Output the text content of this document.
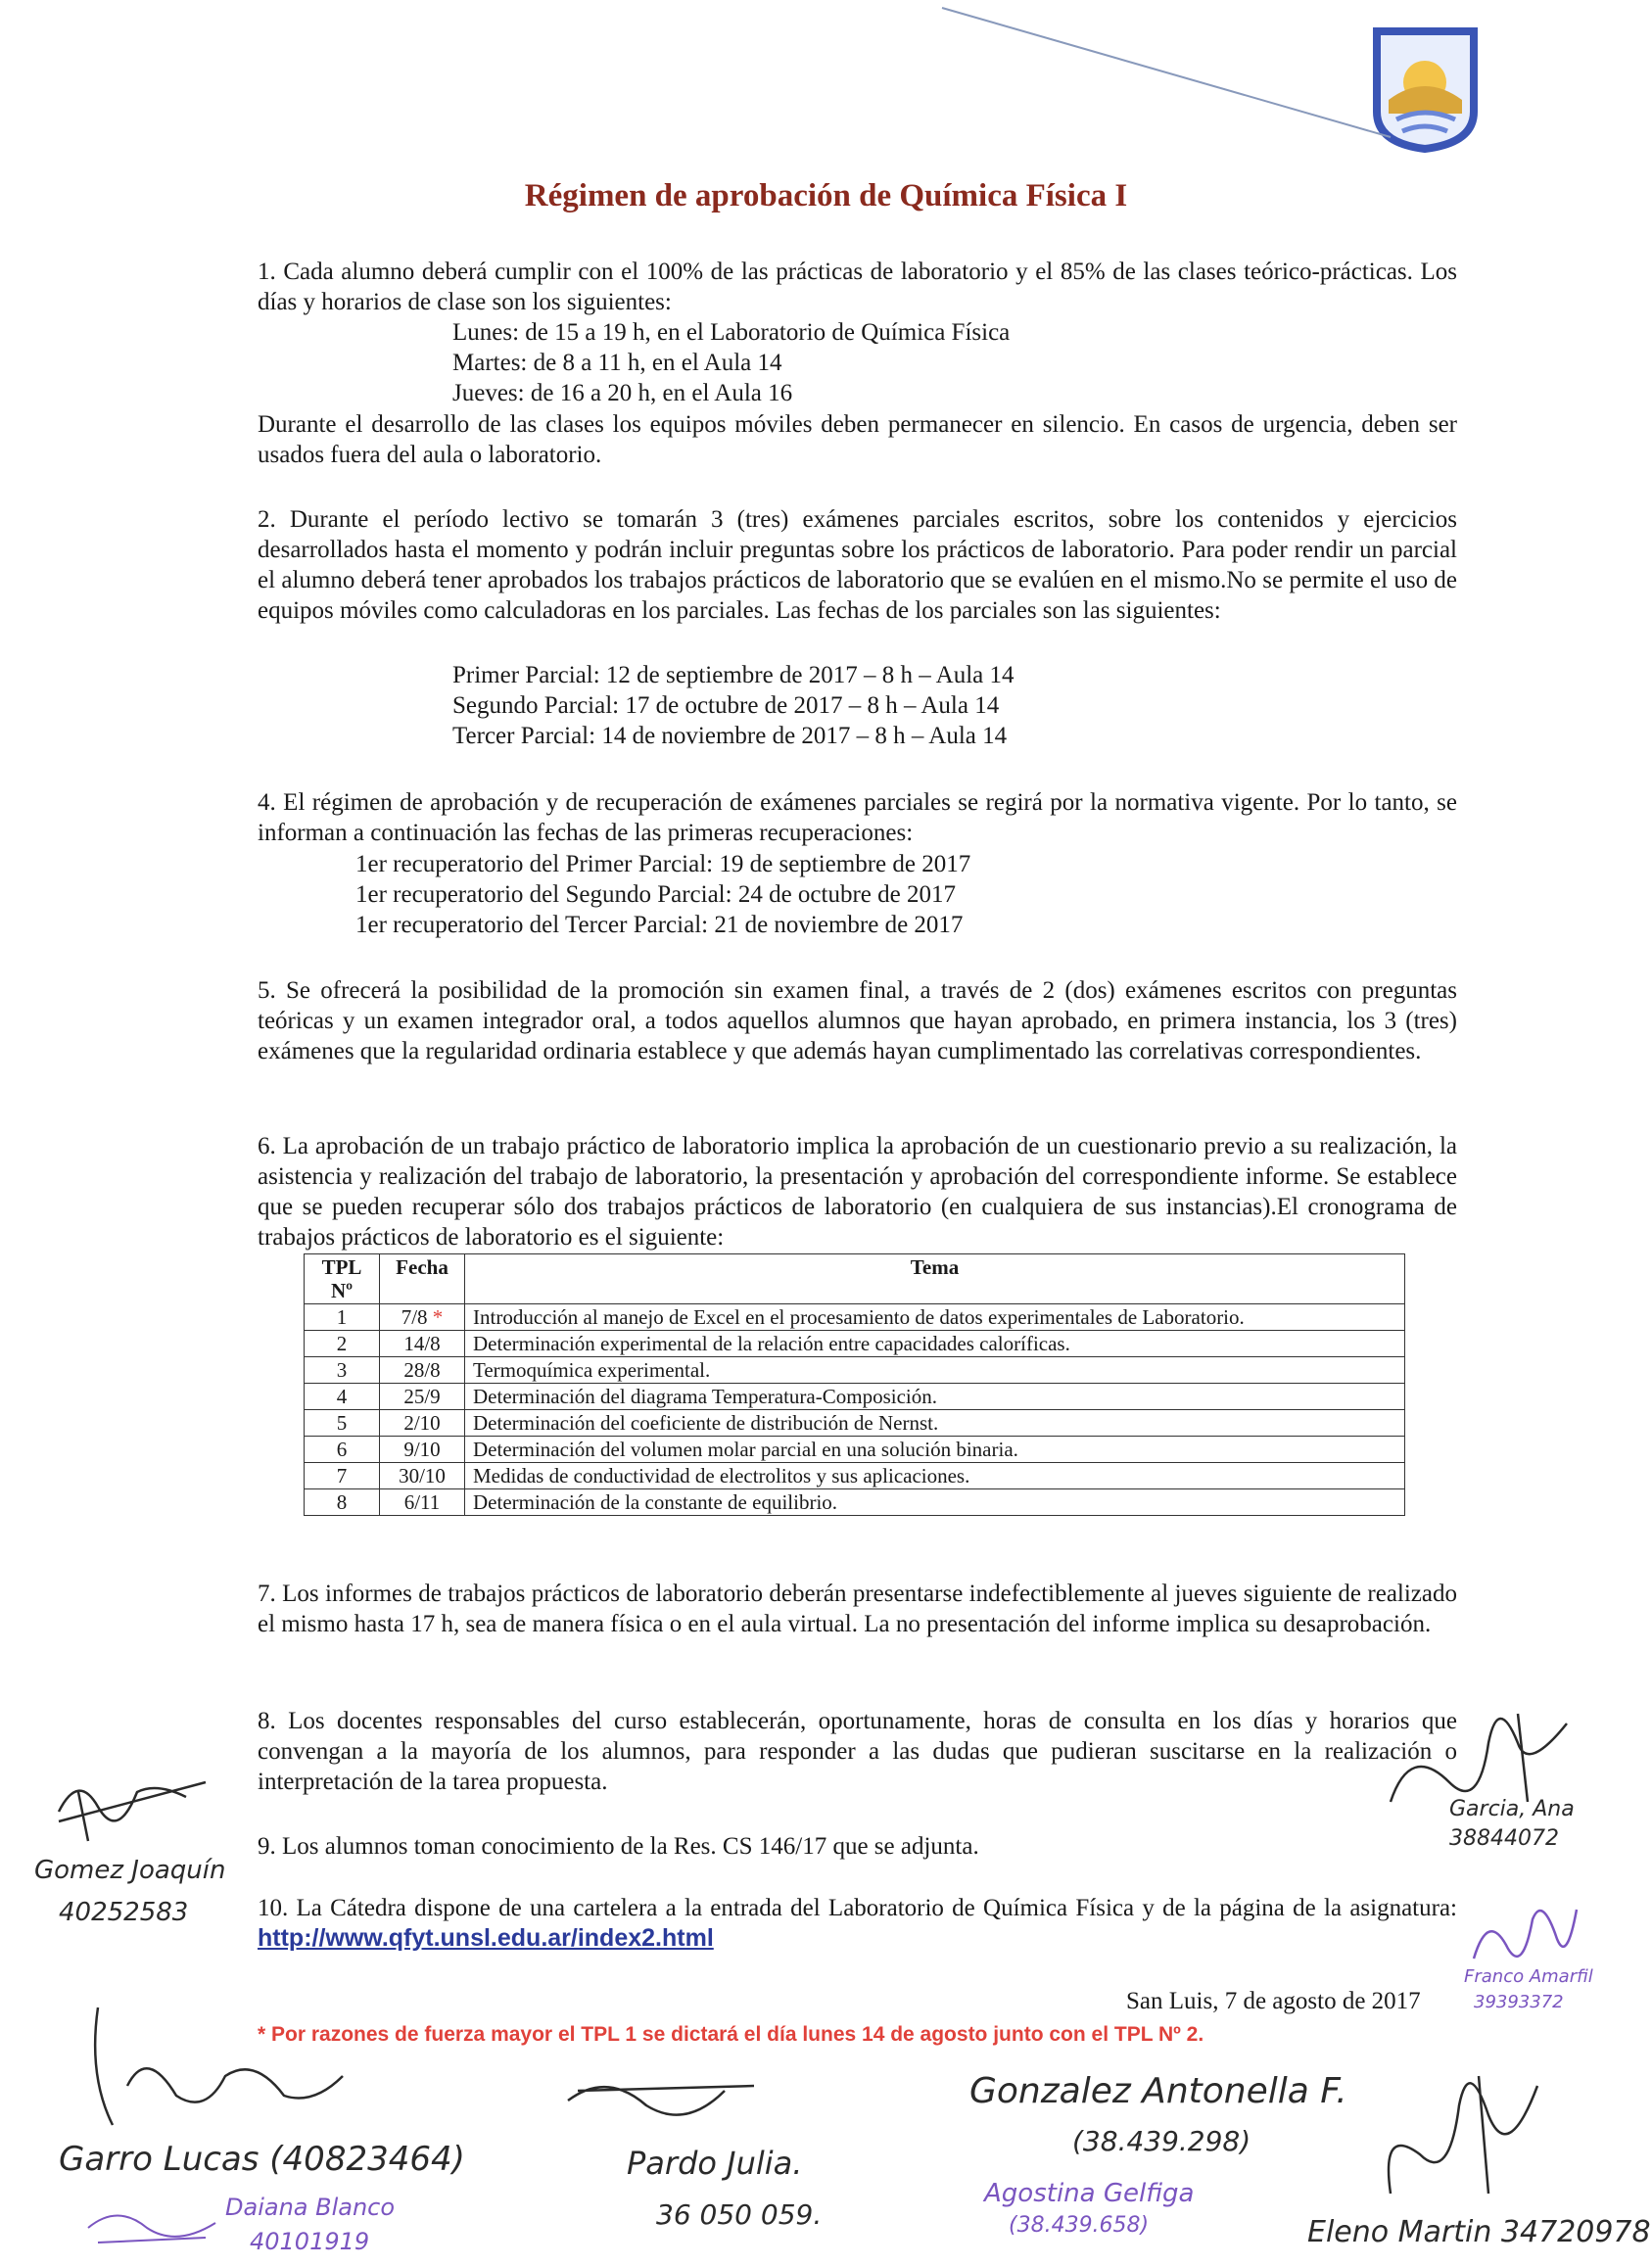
Régimen de aprobación de Química Física I
1. Cada alumno deberá cumplir con el 100% de las prácticas de laboratorio y el 85% de las clases teórico-prácticas. Los días y horarios de clase son los siguientes:
Lunes: de 15 a 19 h, en el Laboratorio de Química Física
Martes: de 8 a 11 h, en el Aula 14
Jueves: de 16 a 20 h, en el Aula 16
Durante el desarrollo de las clases los equipos móviles deben permanecer en silencio. En casos de urgencia, deben ser usados fuera del aula o laboratorio.
2. Durante el período lectivo se tomarán 3 (tres) exámenes parciales escritos, sobre los contenidos y ejercicios desarrollados hasta el momento y podrán incluir preguntas sobre los prácticos de laboratorio. Para poder rendir un parcial el alumno deberá tener aprobados los trabajos prácticos de laboratorio que se evalúen en el mismo.No se permite el uso de equipos móviles como calculadoras en los parciales. Las fechas de los parciales son las siguientes:
Primer Parcial: 12 de septiembre de 2017 – 8 h – Aula 14
Segundo Parcial: 17 de octubre de 2017 – 8 h – Aula 14
Tercer Parcial: 14 de noviembre de 2017 – 8 h – Aula 14
4. El régimen de aprobación y de recuperación de exámenes parciales se regirá por la normativa vigente. Por lo tanto, se informan a continuación las fechas de las primeras recuperaciones:
1er recuperatorio del Primer Parcial: 19 de septiembre de 2017
1er recuperatorio del Segundo Parcial: 24 de octubre de 2017
1er recuperatorio del Tercer Parcial: 21 de noviembre de 2017
5. Se ofrecerá la posibilidad de la promoción sin examen final, a través de 2 (dos) exámenes escritos con preguntas teóricas y un examen integrador oral, a todos aquellos alumnos que hayan aprobado, en primera instancia, los 3 (tres) exámenes que la regularidad ordinaria establece y que además hayan cumplimentado las correlativas correspondientes.
6. La aprobación de un trabajo práctico de laboratorio implica la aprobación de un cuestionario previo a su realización, la asistencia y realización del trabajo de laboratorio, la presentación y aprobación del correspondiente informe. Se establece que se pueden recuperar sólo dos trabajos prácticos de laboratorio (en cualquiera de sus instancias).El cronograma de trabajos prácticos de laboratorio es el siguiente:
TPL
Nº	Fecha	Tema
1	7/8 *	Introducción al manejo de Excel en el procesamiento de datos experimentales de Laboratorio.
2	14/8	Determinación experimental de la relación entre capacidades caloríficas.
3	28/8	Termoquímica experimental.
4	25/9	Determinación del diagrama Temperatura-Composición.
5	2/10	Determinación del coeficiente de distribución de Nernst.
6	9/10	Determinación del volumen molar parcial en una solución binaria.
7	30/10	Medidas de conductividad de electrolitos y sus aplicaciones.
8	6/11	Determinación de la constante de equilibrio.
7. Los informes de trabajos prácticos de laboratorio deberán presentarse indefectiblemente al jueves siguiente de realizado el mismo hasta 17 h, sea de manera física o en el aula virtual. La no presentación del informe implica su desaprobación.
8. Los docentes responsables del curso establecerán, oportunamente, horas de consulta en los días y horarios que convengan a la mayoría de los alumnos, para responder a las dudas que pudieran suscitarse en la realización o interpretación de la tarea propuesta.
9. Los alumnos toman conocimiento de la Res. CS 146/17 que se adjunta.
10. La Cátedra dispone de una cartelera a la entrada del Laboratorio de Química Física y de la página de la asignatura: http://www.qfyt.unsl.edu.ar/index2.html
San Luis, 7 de agosto de 2017
* Por razones de fuerza mayor el TPL 1 se dictará el día lunes 14 de agosto junto con el TPL Nº 2.
Gomez Joaquín
40252583
Garcia, Ana
38844072
Franco Amarfil
39393372
Garro Lucas (40823464)
Daiana Blanco
40101919
Pardo Julia.
36 050 059.
Gonzalez Antonella F.
(38.439.298)
Agostina Gelfiga
(38.439.658)	Eleno Martin 34720978
